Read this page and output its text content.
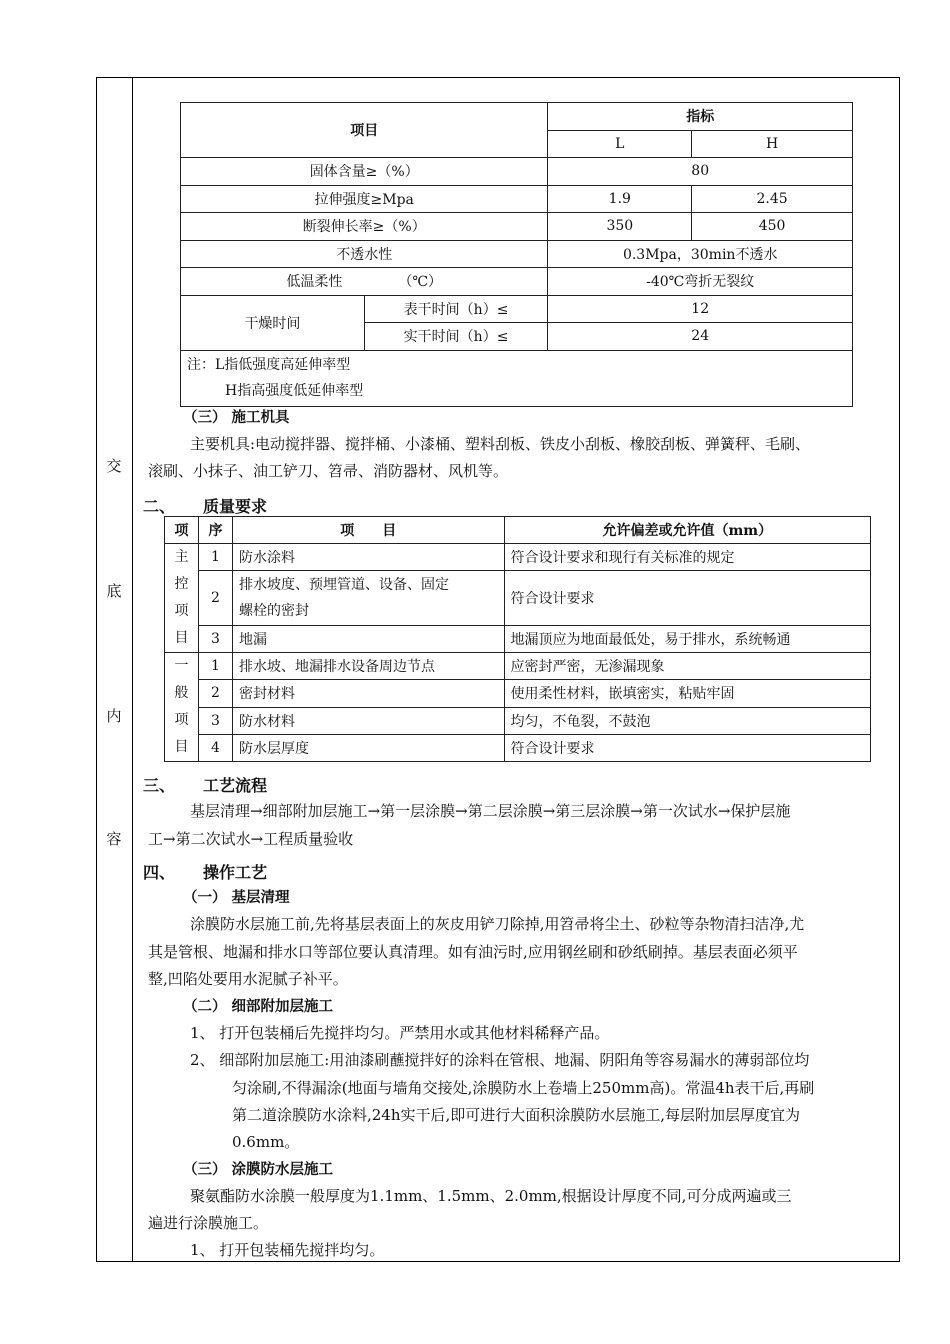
交
底
内
容
项目		指标	
		L	H
固体含量≥（%）		80	
拉伸强度≥Mpa		1.9	2.45
断裂伸长率≥（%）		350	450
不透水性		0.3Mpa，30min不透水	
低温柔性 （℃）		-40℃弯折无裂纹	
干燥时间	表干时间（h）≤	12	
	实干时间（h）≤	24	

注：L指低强度高延伸率型
H指高强度低延伸率型			
（三） 施工机具
主要机具:电动搅拌器、搅拌桶、小漆桶、塑料刮板、铁皮小刮板、橡胶刮板、弹簧秤、毛刷、
滚刷、小抹子、油工铲刀、笤帚、消防器材、风机等。
二、 质量要求
项	序	项　　目	允许偏差或允许值（mm）

主
控
项
目	1	防水涂料	符合设计要求和现行有关标准的规定
	2	排水坡度、预埋管道、设备、固定
螺栓的密封	符合设计要求
	3	地漏	地漏顶应为地面最低处，易于排水，系统畅通

一
般
项
目	1	排水坡、地漏排水设备周边节点	应密封严密，无渗漏现象
	2	密封材料	使用柔性材料，嵌填密实，粘贴牢固
	3	防水材料	均匀，不龟裂，不鼓泡
	4	防水层厚度	符合设计要求
三、 工艺流程
基层清理→细部附加层施工→第一层涂膜→第二层涂膜→第三层涂膜→第一次试水→保护层施
工→第二次试水→工程质量验收
四、 操作工艺
（一） 基层清理
涂膜防水层施工前,先将基层表面上的灰皮用铲刀除掉,用笤帚将尘土、砂粒等杂物清扫洁净,尤
其是管根、地漏和排水口等部位要认真清理。如有油污时,应用钢丝刷和砂纸刷掉。基层表面必须平
整,凹陷处要用水泥腻子补平。
（二） 细部附加层施工
1、 打开包装桶后先搅拌均匀。严禁用水或其他材料稀释产品。
2、 细部附加层施工:用油漆刷蘸搅拌好的涂料在管根、地漏、阴阳角等容易漏水的薄弱部位均
匀涂刷,不得漏涂(地面与墙角交接处,涂膜防水上卷墙上250mm高)。常温4h表干后,再刷
第二道涂膜防水涂料,24h实干后,即可进行大面积涂膜防水层施工,每层附加层厚度宜为
0.6mm。
（三） 涂膜防水层施工
聚氨酯防水涂膜一般厚度为1.1mm、1.5mm、2.0mm,根据设计厚度不同,可分成两遍或三
遍进行涂膜施工。
1、 打开包装桶先搅拌均匀。
